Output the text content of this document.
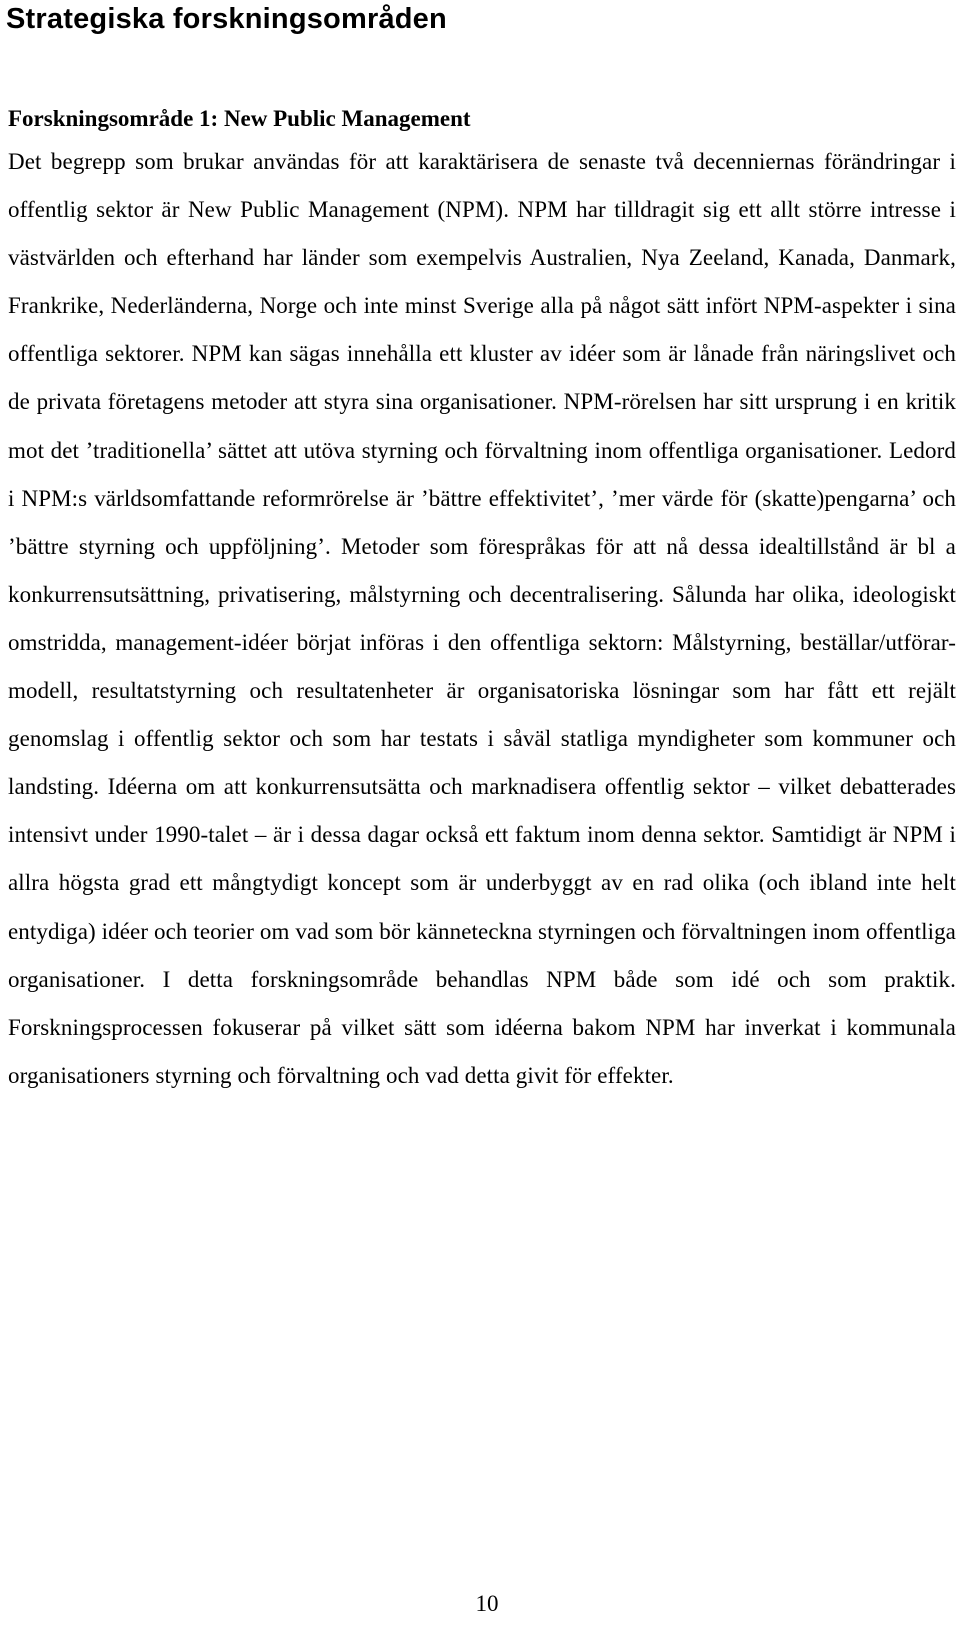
Strategiska forskningsområden
Forskningsområde 1: New Public Management

Det begrepp som brukar användas för att karaktärisera de senaste två decenniernas förändringar i offentlig sektor är New Public Management (NPM). NPM har tilldragit sig ett allt större intresse i västvärlden och efterhand har länder som exempelvis Australien, Nya Zeeland, Kanada, Danmark, Frankrike, Nederländerna, Norge och inte minst Sverige alla på något sätt infört NPM-aspekter i sina offentliga sektorer. NPM kan sägas innehålla ett kluster av idéer som är lånade från näringslivet och de privata företagens metoder att styra sina organisationer. NPM-rörelsen har sitt ursprung i en kritik mot det ’traditionella’ sättet att utöva styrning och förvaltning inom offentliga organisationer. Ledord i NPM:s världsomfattande reformrörelse är ’bättre effektivitet’, ’mer värde för (skatte)pengarna’ och ’bättre styrning och uppföljning’. Metoder som förespråkas för att nå dessa idealtillstånd är bl a konkurrensutsättning, privatisering, målstyrning och decentralisering. Sålunda har olika, ideologiskt omstridda, management-idéer börjat införas i den offentliga sektorn: Målstyrning, beställar/utförar-modell, resultatstyrning och resultatenheter är organisatoriska lösningar som har fått ett rejält genomslag i offentlig sektor och som har testats i såväl statliga myndigheter som kommuner och landsting. Idéerna om att konkurrensutsätta och marknadisera offentlig sektor – vilket debatterades intensivt under 1990-talet – är i dessa dagar också ett faktum inom denna sektor. Samtidigt är NPM i allra högsta grad ett mångtydigt koncept som är underbyggt av en rad olika (och ibland inte helt entydiga) idéer och teorier om vad som bör känneteckna styrningen och förvaltningen inom offentliga organisationer. I detta forskningsområde behandlas NPM både som idé och som praktik. Forskningsprocessen fokuserar på vilket sätt som idéerna bakom NPM har inverkat i kommunala organisationers styrning och förvaltning och vad detta givit för effekter.

10
